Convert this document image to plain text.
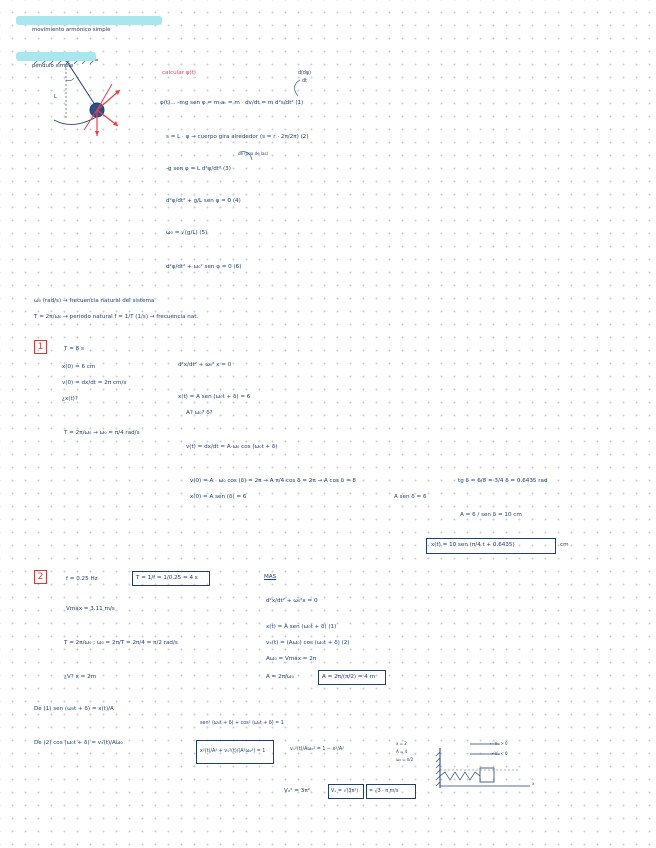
L
movimiento armónico simple
péndulo simple
calcular φ(t)	d(dφ)
dt
φ(t)... -mg sen φ = m·aₜ = m · dv/dt = m d²s/dt² (1)
s = L · φ → cuerpo gira alrededor (s = r · 2π/2π) (2)
de (una de las)
-g sen φ = L d²φ/dt² (3)
d²φ/dt² + g/L sen φ = 0 (4)
ω₀ = √(g/L) (5)
d²φ/dt² + ω₀² sen φ = 0 (6)
ω₀ (rad/s) → frecuencia natural del sistema
T = 2π/ω₀ → periodo natural f = 1/T (1/s) → frecuencia nat.
1	T = 8 s
x(0) = 6 cm
v(0) = dx/dt = 2π cm/s
¿x(t)?
T = 2π/ω₀ → ω₀ = π/4 rad/s
d²x/dt² + ω₀² x = 0
x(t) = A sen (ω₀t + δ) = 6
A? ω₀? δ?
v(t) = dx/dt = A·ω₀ cos (ω₀t + δ)
v(0) = A · ω₀ cos (δ) = 2π → A π/4 cos δ = 2π → A cos δ = 8
x(0) = A sen (δ) = 6	A sen δ = 6
tg δ = 6/8 = 3/4 δ = 0.6435 rad
A = 6 / sen δ = 10 cm
x(t) = 10 sen (π/4 t + 0.6435)	cm
2	f = 0.25 Hz	T = 1/f = 1/0.25 = 4 s
Vmáx = 3.11 m/s
T = 2π/ω₀ ; ω₀ = 2π/T = 2π/4 = π/2 rad/s
¿V? x = 2m
MAS
d²x/dt² + ω₀²x = 0
x(t) = A sen (ω₀t + δ) (1)
vₓ(t) = (Aω₀) cos (ω₀t + δ) (2)
Aω₀ = Vmáx = 2π
A = 2π/ω₀	A = 2π/(π/2) = 4 m
De (1) sen (ω₀t + δ) = x(t)/A
De (2) cos (ω₀t + δ) = vₓ(t)/Aω₀
sen² (ω₀t + δ) + cos² (ω₀t + δ) = 1
x²(t)/A² + vₓ²(t)/(A²ω₀²) = 1	vₓ²(t)/Aω₀² = 1 − x²/A²
x = 2
A = 4
ω₀ = π/2
Vₓ² = 3π²	Vₓ = √(3π²) = √3 · π m/s
← Vₓ > 0
→ Vₓ < 0
x
